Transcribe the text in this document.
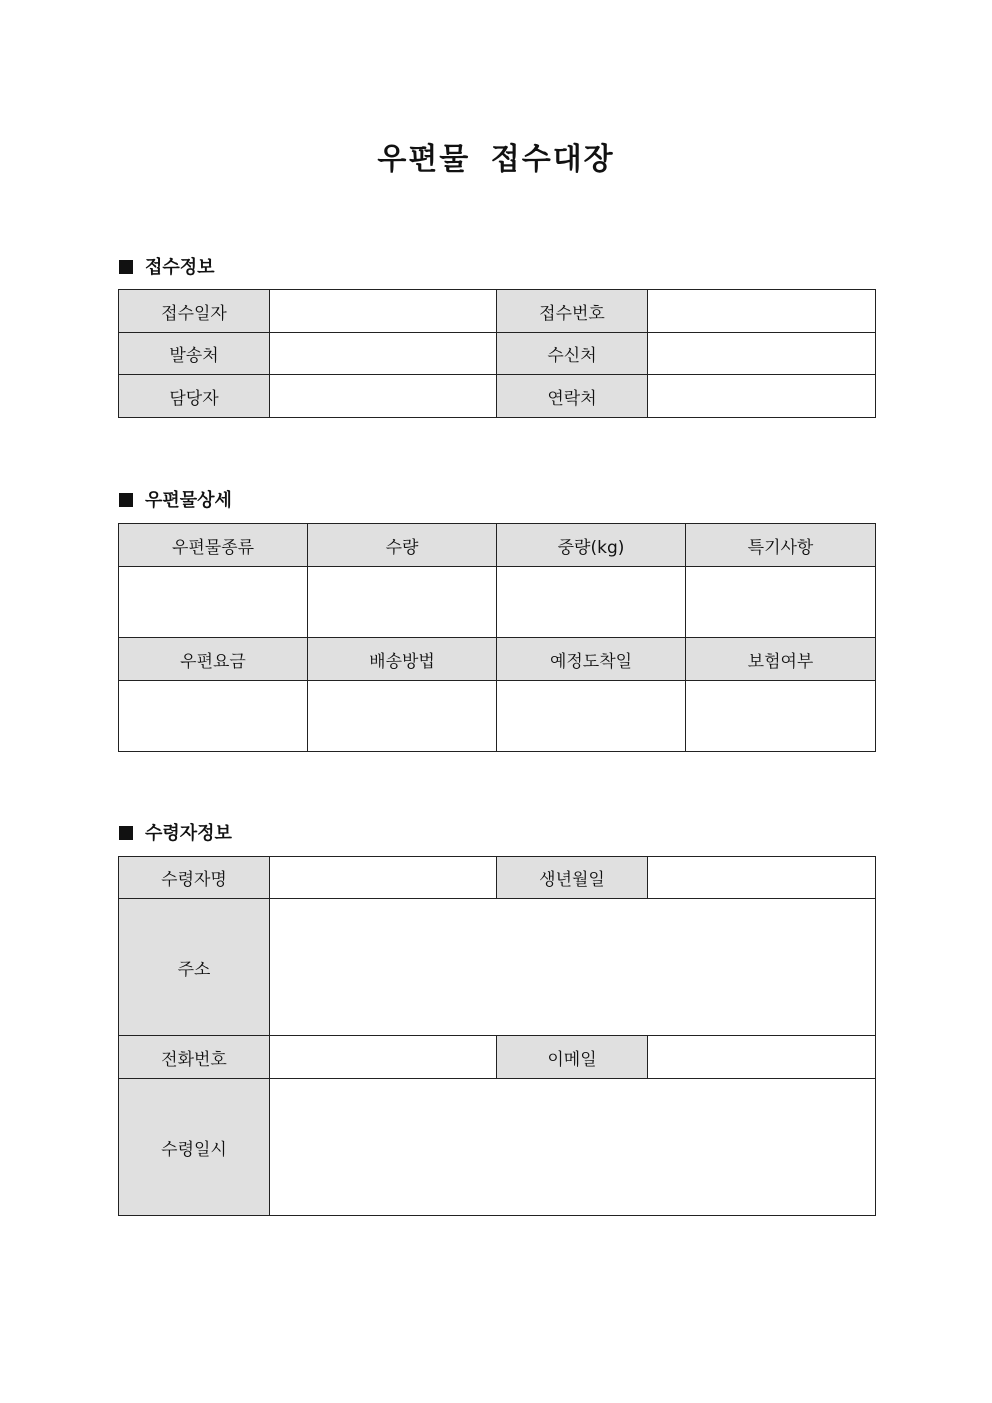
우편물 접수대장
접수정보
접수일자		접수번호	
발송처		수신처	
담당자		연락처	
우편물상세
우편물종류	수량	중량(kg)	특기사항

우편요금	배송방법	예정도착일	보험여부

수령자정보
수령자명		생년월일	
주소			
전화번호		이메일	
수령일시			
